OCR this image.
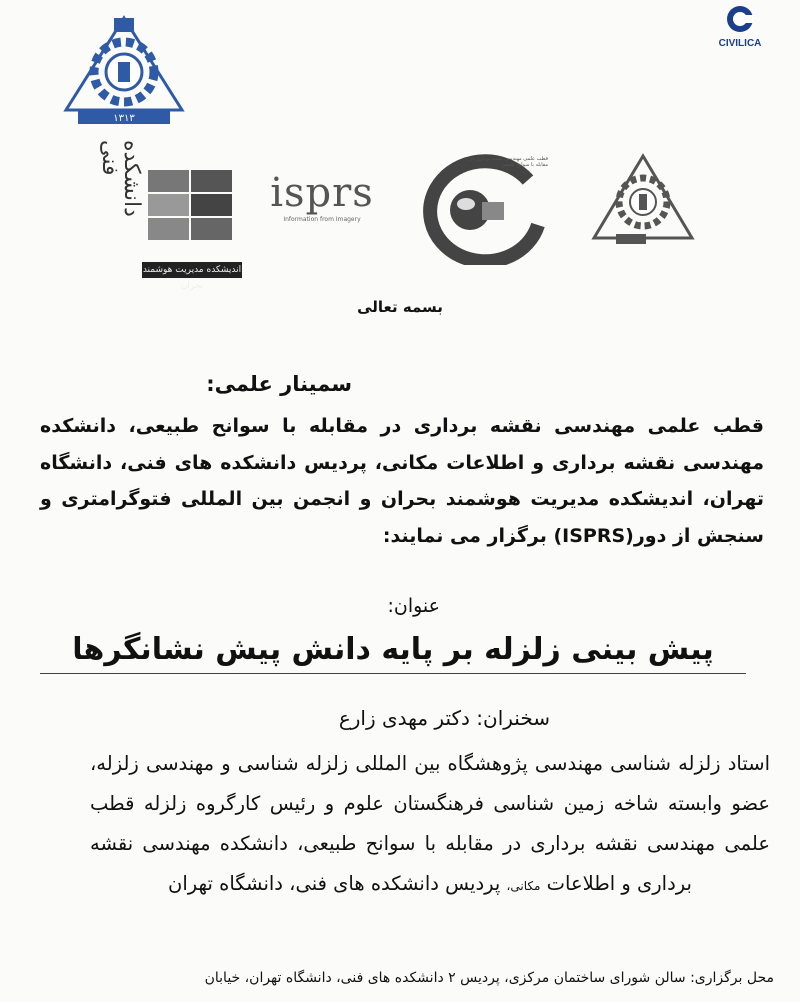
١٣١٣
CIVILICA
دانشکده فنی
اندیشکده مدیریت هوشمند بحران
isprs
Information from Imagery
قطب علمی مهندسی نقشه برداری در مقابله با سوانح طبیعی
بسمه تعالی
سمینار علمی:
قطب علمی مهندسی نقشه برداری در مقابله با سوانح طبیعی، دانشکده مهندسی نقشه برداری و اطلاعات مکانی، پردیس دانشکده های فنی، دانشگاه تهران، اندیشکده مدیریت هوشمند بحران و انجمن بین المللی فتوگرامتری و سنجش از دور(ISPRS) برگزار می نمایند:
عنوان:
پیش بینی زلزله بر پایه دانش پیش نشانگرها
سخنران: دکتر مهدی زارع
استاد زلزله شناسی مهندسی پژوهشگاه بین المللی زلزله شناسی و مهندسی زلزله، عضو وابسته شاخه زمین شناسی فرهنگستان علوم و رئیس کارگروه زلزله قطب علمی مهندسی نقشه برداری در مقابله با سوانح طبیعی، دانشکده مهندسی نقشه برداری و اطلاعات مکانی، پردیس دانشکده های فنی، دانشگاه تهران
محل برگزاری: سالن شورای ساختمان مرکزی، پردیس ۲ دانشکده های فنی، دانشگاه تهران، خیابان
